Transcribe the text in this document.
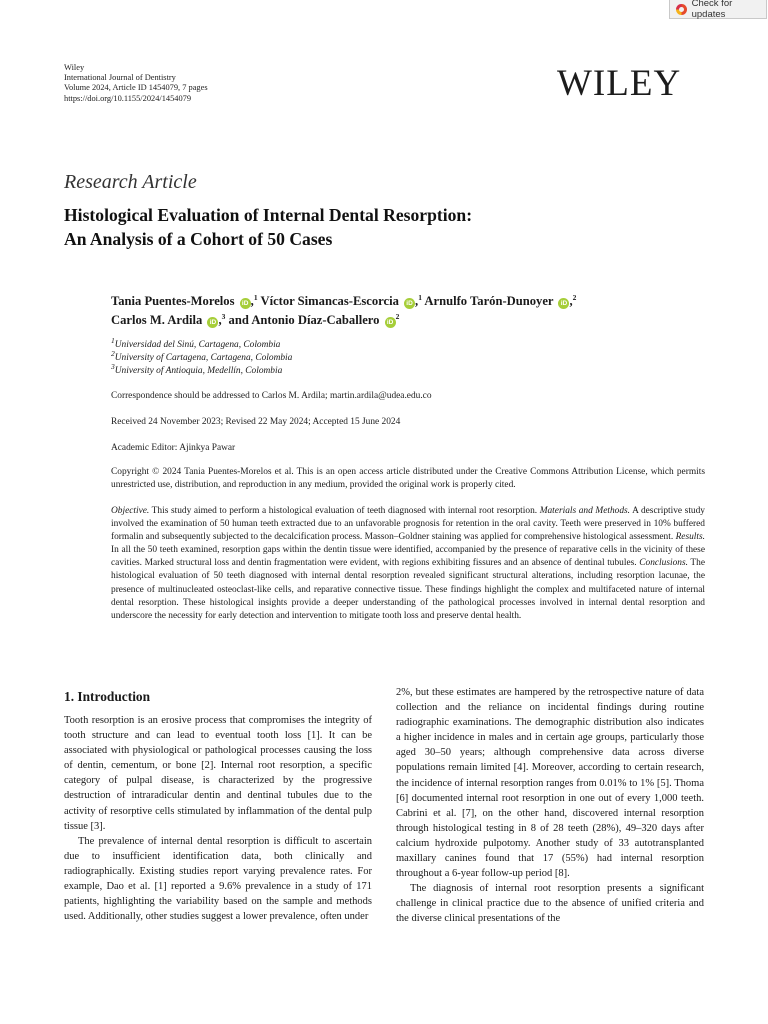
Check for updates
Wiley
International Journal of Dentistry
Volume 2024, Article ID 1454079, 7 pages
https://doi.org/10.1155/2024/1454079	WILEY
Research Article
Histological Evaluation of Internal Dental Resorption:
An Analysis of a Cohort of 50 Cases
Tania Puentes-Morelos iD ,$^1$ Víctor Simancas-Escorcia iD ,$^1$ Arnulfo Tarón-Dunoyer iD ,$^2$
Carlos M. Ardila iD ,$^3$ and Antonio Díaz-Caballero $iD^2$
$^1$Universidad del Sinú, Cartagena, Colombia
$^2$University of Cartagena, Cartagena, Colombia
$^3$University of Antioquia, Medellín, Colombia
Correspondence should be addressed to Carlos M. Ardila; martin.ardila@udea.edu.co
Received 24 November 2023; Revised 22 May 2024; Accepted 15 June 2024
Academic Editor: Ajinkya Pawar
Copyright © 2024 Tania Puentes-Morelos et al. This is an open access article distributed under the Creative Commons Attribution License, which permits unrestricted use, distribution, and reproduction in any medium, provided the original work is properly cited.
Objective. This study aimed to perform a histological evaluation of teeth diagnosed with internal root resorption. Materials and Methods. A descriptive study involved the examination of 50 human teeth extracted due to an unfavorable prognosis for retention in the oral cavity. Teeth were preserved in 10% buffered formalin and subsequently subjected to the decalcification process. Masson–Goldner staining was applied for comprehensive histological assessment. Results. In all the 50 teeth examined, resorption gaps within the dentin tissue were identified, accompanied by the presence of reparative cells in the vicinity of these cavities. Marked structural loss and dentin fragmentation were evident, with regions exhibiting fissures and an absence of dentinal tubules. Conclusions. The histological evaluation of 50 teeth diagnosed with internal dental resorption revealed significant structural alterations, including resorption lacunae, the presence of multinucleated osteoclast-like cells, and reparative connective tissue. These findings highlight the complex and multifaceted nature of internal dental resorption. These histological insights provide a deeper understanding of the pathological processes involved in internal dental resorption and underscore the necessity for early detection and intervention to mitigate tooth loss and preserve dental health.
1. Introduction

Tooth resorption is an erosive process that compromises the integrity of tooth structure and can lead to eventual tooth loss [1]. It can be associated with physiological or pathological processes causing the loss of dentin, cementum, or bone [2]. Internal root resorption, a specific category of pulpal disease, is characterized by the progressive destruction of intraradicular dentin and dentinal tubules due to the activity of resorptive cells stimulated by inflammation of the dental pulp tissue [3].

The prevalence of internal dental resorption is difficult to ascertain due to insufficient identification data, both clinically and radiographically. Existing studies report varying prevalence rates. For example, Dao et al. [1] reported a 9.6% prevalence in a study of 171 patients, highlighting the variability based on the sample and methods used. Additionally, other studies suggest a lower prevalence, often under

2%, but these estimates are hampered by the retrospective nature of data collection and the reliance on incidental findings during routine radiographic examinations. The demographic distribution also indicates a higher incidence in males and in certain age groups, particularly those aged 30–50 years; although comprehensive data across diverse populations remain limited [4]. Moreover, according to certain research, the incidence of internal resorption ranges from 0.01% to 1% [5]. Thoma [6] documented internal root resorption in one out of every 1,000 teeth. Cabrini et al. [7], on the other hand, discovered internal resorption through histological testing in 8 of 28 teeth (28%), 49–320 days after calcium hydroxide pulpotomy. Another study of 33 autotransplanted maxillary canines found that 17 (55%) had internal resorption throughout a 6-year follow-up period [8].

The diagnosis of internal root resorption presents a significant challenge in clinical practice due to the absence of unified criteria and the diverse clinical presentations of the
